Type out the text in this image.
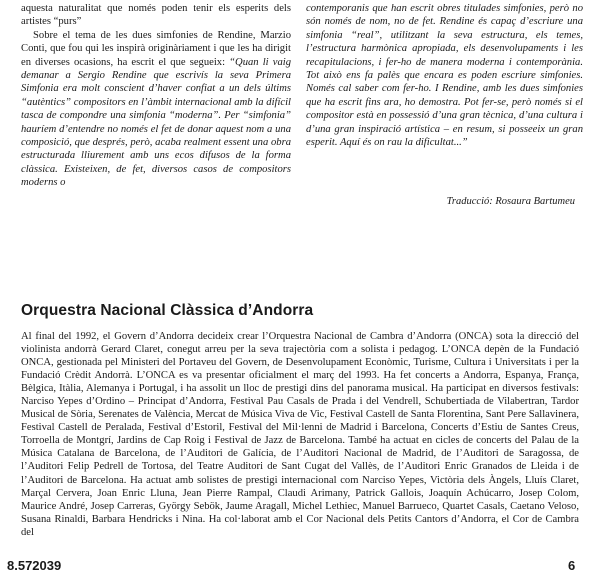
aquesta naturalitat que només poden tenir els esperits dels artistes “purs”

Sobre el tema de les dues simfonies de Rendine, Marzio Conti, que fou qui les inspirà originàriament i que les ha dirigit en diverses ocasions, ha escrit el que segueix: “Quan li vaig demanar a Sergio Rendine que escrivís la seva Primera Simfonia era molt conscient d’haver confiat a un dels últims “autèntics” compositors en l’àmbit internacional amb la difícil tasca de compondre una simfonia “moderna”. Per “simfonia” hauríem d’entendre no només el fet de donar aquest nom a una composició, que després, però, acaba realment essent una obra estructurada lliurement amb uns ecos difusos de la forma clàssica. Existeixen, de fet, diversos casos de compositors moderns o

contemporanis que han escrit obres titulades simfonies, però no són només de nom, no de fet. Rendine és capaç d’escriure una simfonia “real”, utilitzant la seva estructura, els temes, l’estructura harmònica apropiada, els desenvolupaments i les recapitulacions, i fer-ho de manera moderna i contemporània. Tot això ens fa palès que encara es poden escriure simfonies. Només cal saber com fer-ho. I Rendine, amb les dues simfonies que ha escrit fins ara, ho demostra. Pot fer-se, però només si el compositor està en possessió d’una gran tècnica, d’una cultura i d’una gran inspiració artística – en resum, si posseeix un gran esperit. Aquí és on rau la dificultat...”

Traducció: Rosaura Bartumeu
Orquestra Nacional Clàssica d’Andorra

Al final del 1992, el Govern d’Andorra decideix crear l’Orquestra Nacional de Cambra d’Andorra (ONCA) sota la direcció del violinista andorrà Gerard Claret, conegut arreu per la seva trajectòria com a solista i pedagog. L’ONCA depèn de la Fundació ONCA, gestionada pel Ministeri del Portaveu del Govern, de Desenvolupament Econòmic, Turisme, Cultura i Universitats i per la Fundació Crèdit Andorrà. L’ONCA es va presentar oficialment el març del 1993. Ha fet concerts a Andorra, Espanya, França, Bèlgica, Itàlia, Alemanya i Portugal, i ha assolit un lloc de prestigi dins del panorama musical. Ha participat en diversos festivals: Narciso Yepes d’Ordino – Principat d’Andorra, Festival Pau Casals de Prada i del Vendrell, Schubertiada de Vilabertran, Tardor Musical de Sòria, Serenates de València, Mercat de Música Viva de Vic, Festival Castell de Santa Florentina, Sant Pere Sallavinera, Festival Castell de Peralada, Festival d’Estoril, Festival del Mil·lenni de Madrid i Barcelona, Concerts d’Estiu de Santes Creus, Torroella de Montgrí, Jardins de Cap Roig i Festival de Jazz de Barcelona. També ha actuat en cicles de concerts del Palau de la Música Catalana de Barcelona, de l’Auditori de Galícia, de l’Auditori Nacional de Madrid, de l’Auditori de Saragossa, de l’Auditori Felip Pedrell de Tortosa, del Teatre Auditori de Sant Cugat del Vallès, de l’Auditori Enric Granados de Lleida i de l’Auditori de Barcelona. Ha actuat amb solistes de prestigi internacional com Narciso Yepes, Victòria dels Àngels, Lluís Claret, Marçal Cervera, Joan Enric Lluna, Jean Pierre Rampal, Claudi Arimany, Patrick Gallois, Joaquín Achúcarro, Josep Colom, Maurice André, Josep Carreras, György Sebök, Jaume Aragall, Michel Lethiec, Manuel Barrueco, Quartet Casals, Caetano Veloso, Susana Rinaldi, Barbara Hendricks i Nina. Ha col·laborat amb el Cor Nacional dels Petits Cantors d’Andorra, el Cor de Cambra del

8.572039	6
